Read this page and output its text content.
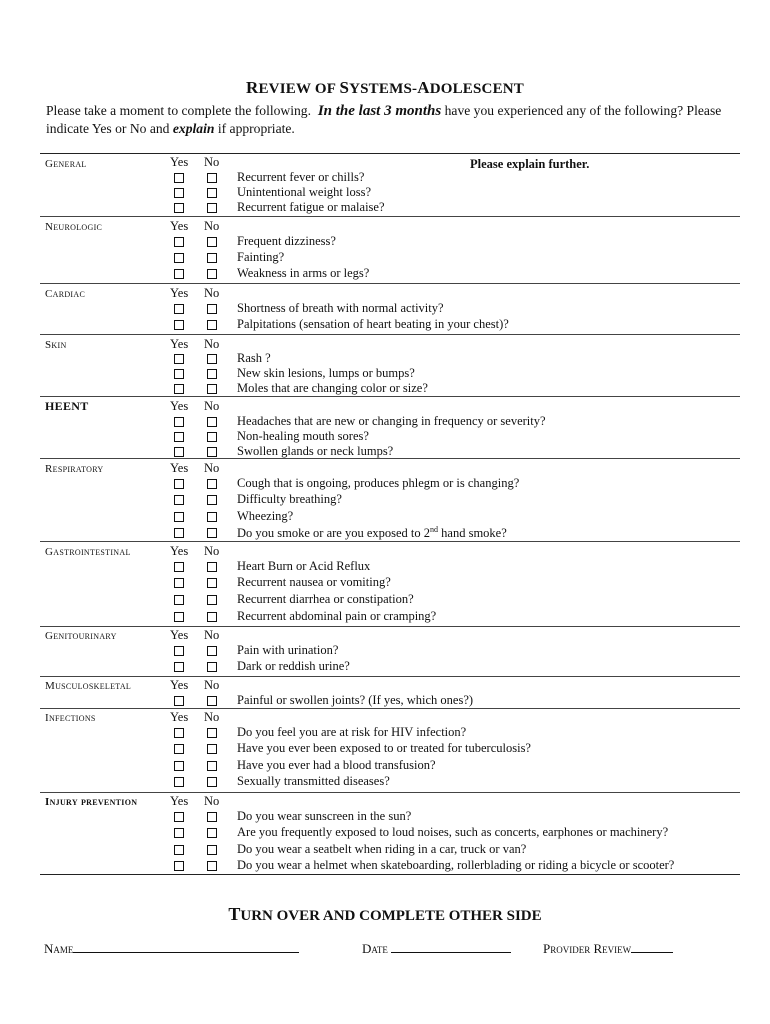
REVIEW OF SYSTEMS-ADOLESCENT
Please take a moment to complete the following. In the last 3 months have you experienced any of the following? Please indicate Yes or No and explain if appropriate.
Please explain further.
General	Yes No
Recurrent fever or chills?
Unintentional weight loss?
Recurrent fatigue or malaise?
Neurologic	Yes No
Frequent dizziness?
Fainting?
Weakness in arms or legs?
Cardiac	Yes No
Shortness of breath with normal activity?
Palpitations (sensation of heart beating in your chest)?
Skin	Yes No
Rash ?
New skin lesions, lumps or bumps?
Moles that are changing color or size?
HEENT	Yes No
Headaches that are new or changing in frequency or severity?
Non-healing mouth sores?
Swollen glands or neck lumps?
Respiratory	Yes No
Cough that is ongoing, produces phlegm or is changing?
Difficulty breathing?
Wheezing?
Do you smoke or are you exposed to 2nd hand smoke?
Gastrointestinal	Yes No
Heart Burn or Acid Reflux
Recurrent nausea or vomiting?
Recurrent diarrhea or constipation?
Recurrent abdominal pain or cramping?
Genitourinary	Yes No
Pain with urination?
Dark or reddish urine?
Musculoskeletal	Yes No
Painful or swollen joints? (If yes, which ones?)
Infections	Yes No
Do you feel you are at risk for HIV infection?
Have you ever been exposed to or treated for tuberculosis?
Have you ever had a blood transfusion?
Sexually transmitted diseases?
Injury prevention	Yes No
Do you wear sunscreen in the sun?
Are you frequently exposed to loud noises, such as concerts, earphones or machinery?
Do you wear a seatbelt when riding in a car, truck or van?
Do you wear a helmet when skateboarding, rollerblading or riding a bicycle or scooter?
TURN OVER AND COMPLETE OTHER SIDE
Name	Date	Provider Review
